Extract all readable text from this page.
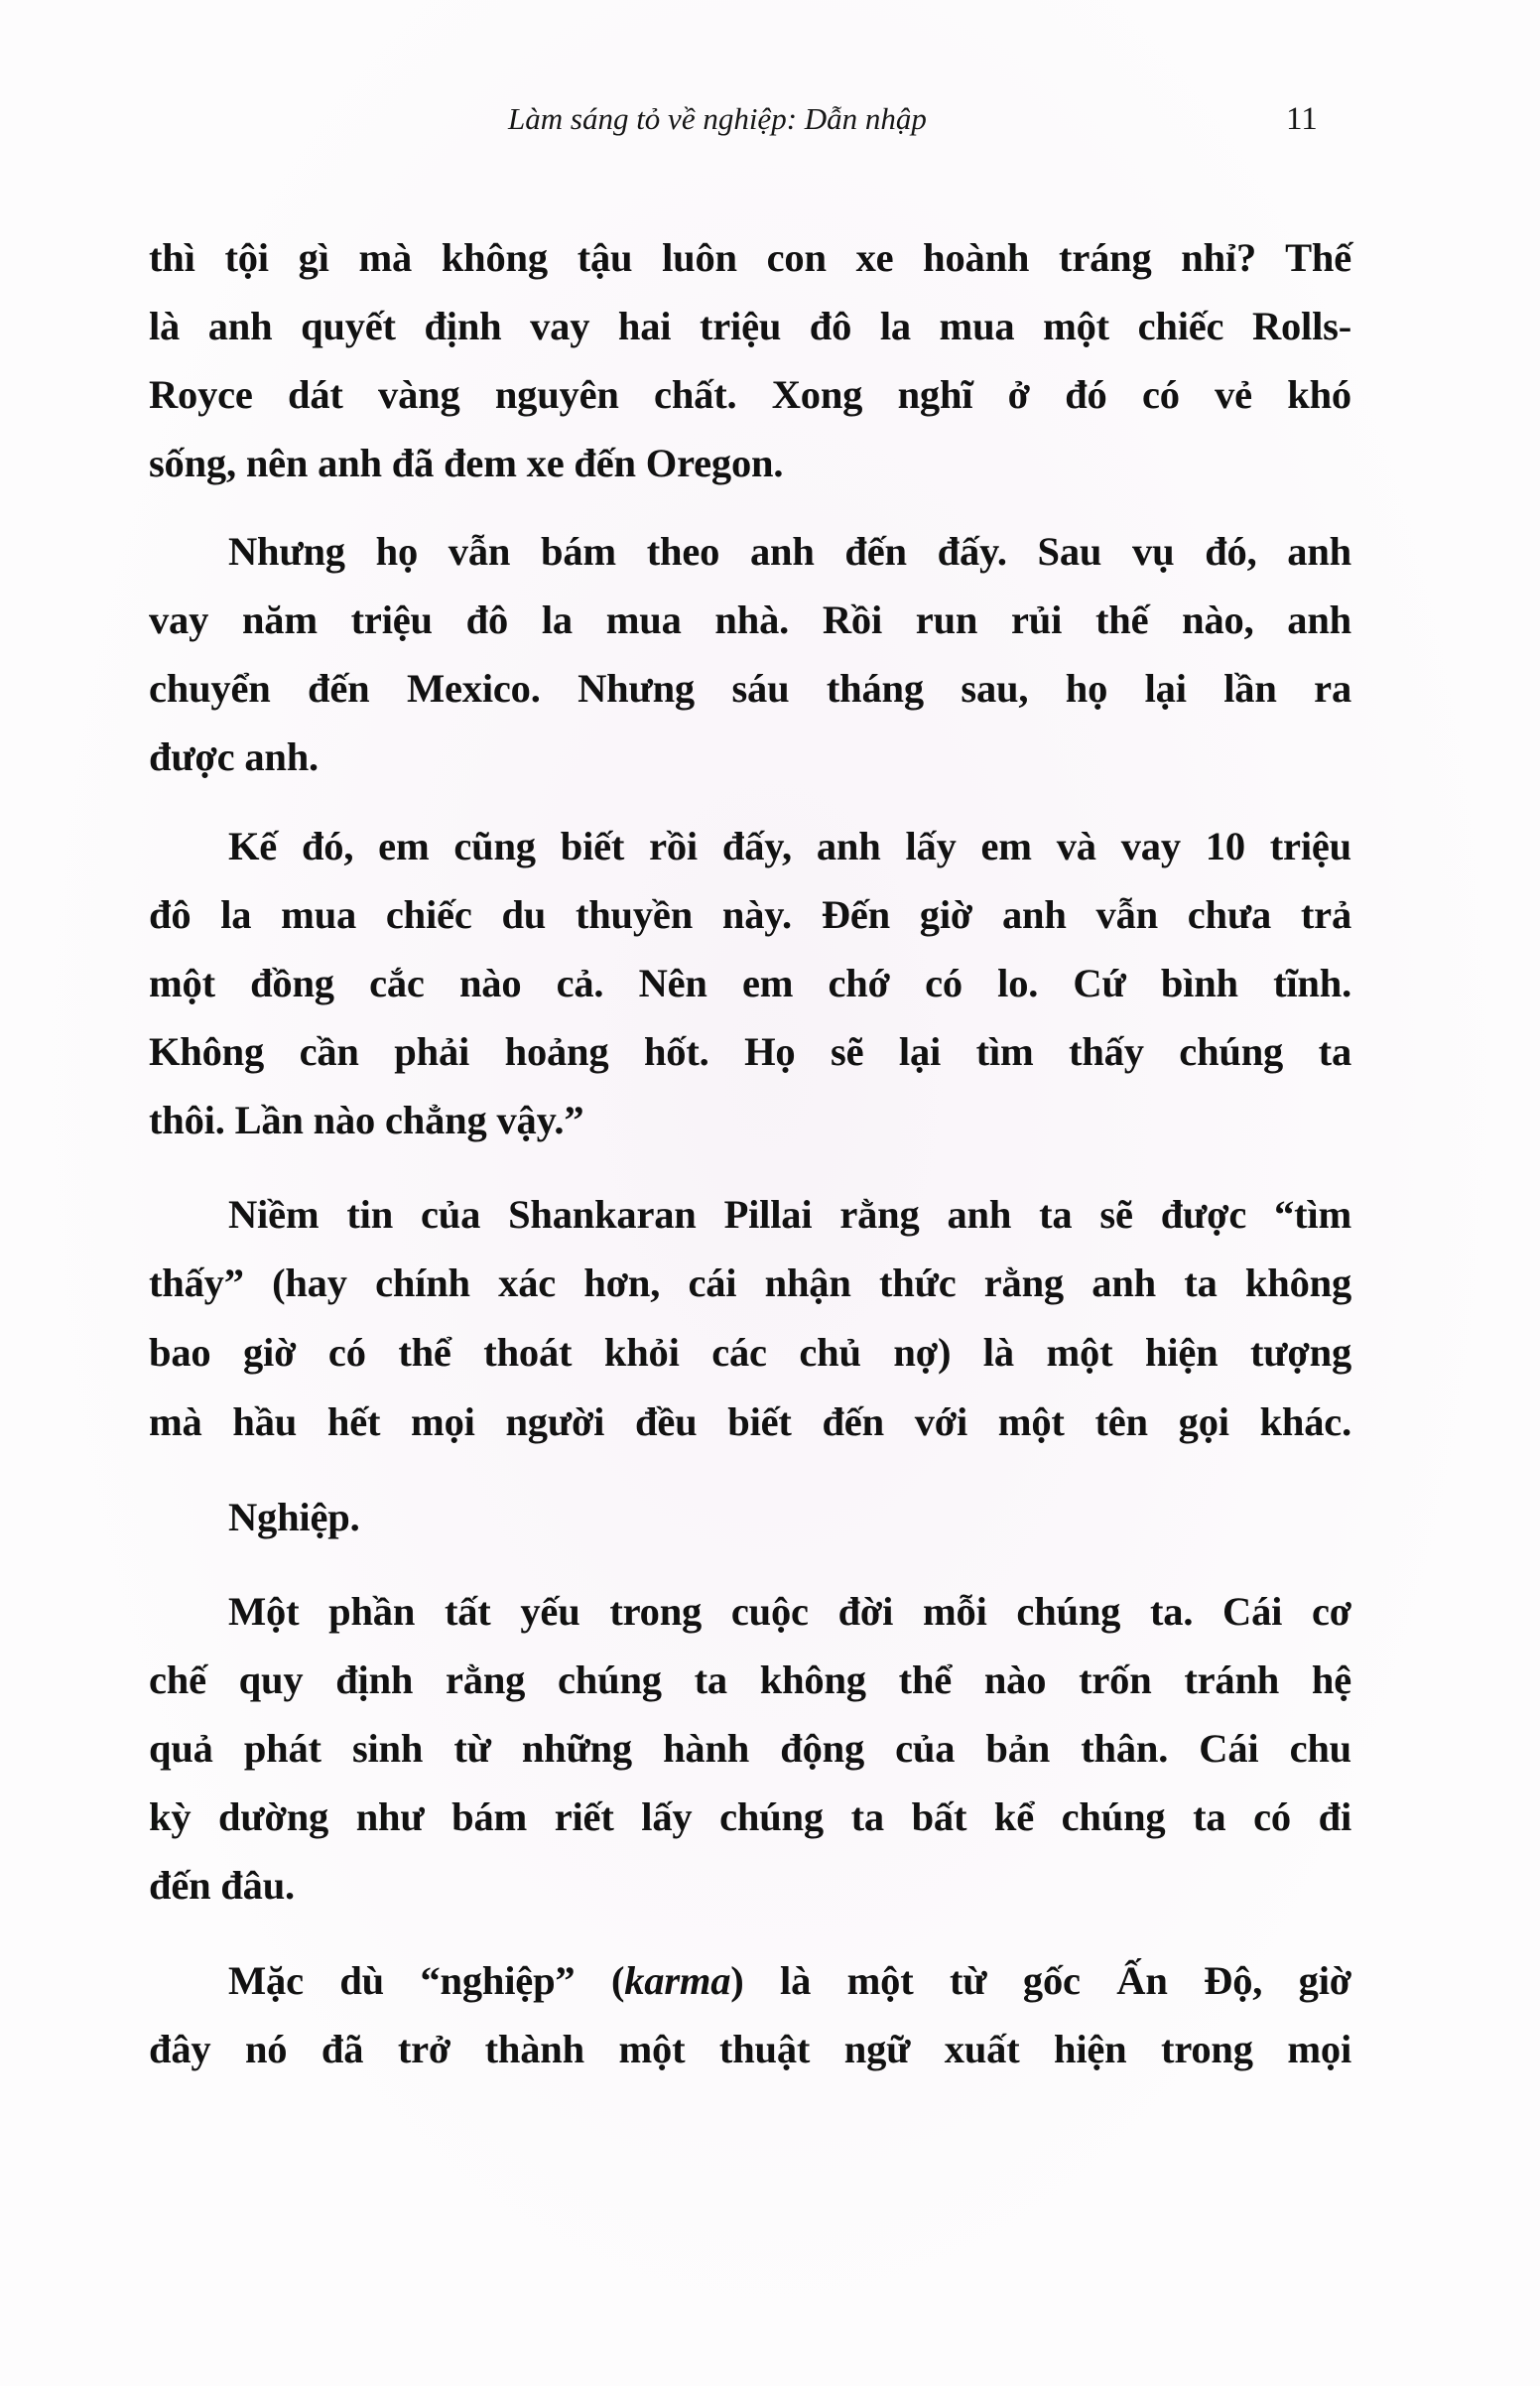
Làm sáng tỏ về nghiệp: Dẫn nhập	11
thì tội gì mà không tậu luôn con xe hoành tráng nhỉ? Thế
là anh quyết định vay hai triệu đô la mua một chiếc Rolls-
Royce dát vàng nguyên chất. Xong nghĩ ở đó có vẻ khó
sống, nên anh đã đem xe đến Oregon.
Nhưng họ vẫn bám theo anh đến đấy. Sau vụ đó, anh
vay năm triệu đô la mua nhà. Rồi run rủi thế nào, anh
chuyển đến Mexico. Nhưng sáu tháng sau, họ lại lần ra
được anh.
Kế đó, em cũng biết rồi đấy, anh lấy em và vay 10 triệu
đô la mua chiếc du thuyền này. Đến giờ anh vẫn chưa trả
một đồng cắc nào cả. Nên em chớ có lo. Cứ bình tĩnh.
Không cần phải hoảng hốt. Họ sẽ lại tìm thấy chúng ta
thôi. Lần nào chẳng vậy.”
Niềm tin của Shankaran Pillai rằng anh ta sẽ được “tìm
thấy” (hay chính xác hơn, cái nhận thức rằng anh ta không
bao giờ có thể thoát khỏi các chủ nợ) là một hiện tượng
mà hầu hết mọi người đều biết đến với một tên gọi khác.
Nghiệp.
Một phần tất yếu trong cuộc đời mỗi chúng ta. Cái cơ
chế quy định rằng chúng ta không thể nào trốn tránh hệ
quả phát sinh từ những hành động của bản thân. Cái chu
kỳ dường như bám riết lấy chúng ta bất kể chúng ta có đi
đến đâu.
Mặc dù “nghiệp” (karma) là một từ gốc Ấn Độ, giờ
đây nó đã trở thành một thuật ngữ xuất hiện trong mọi
